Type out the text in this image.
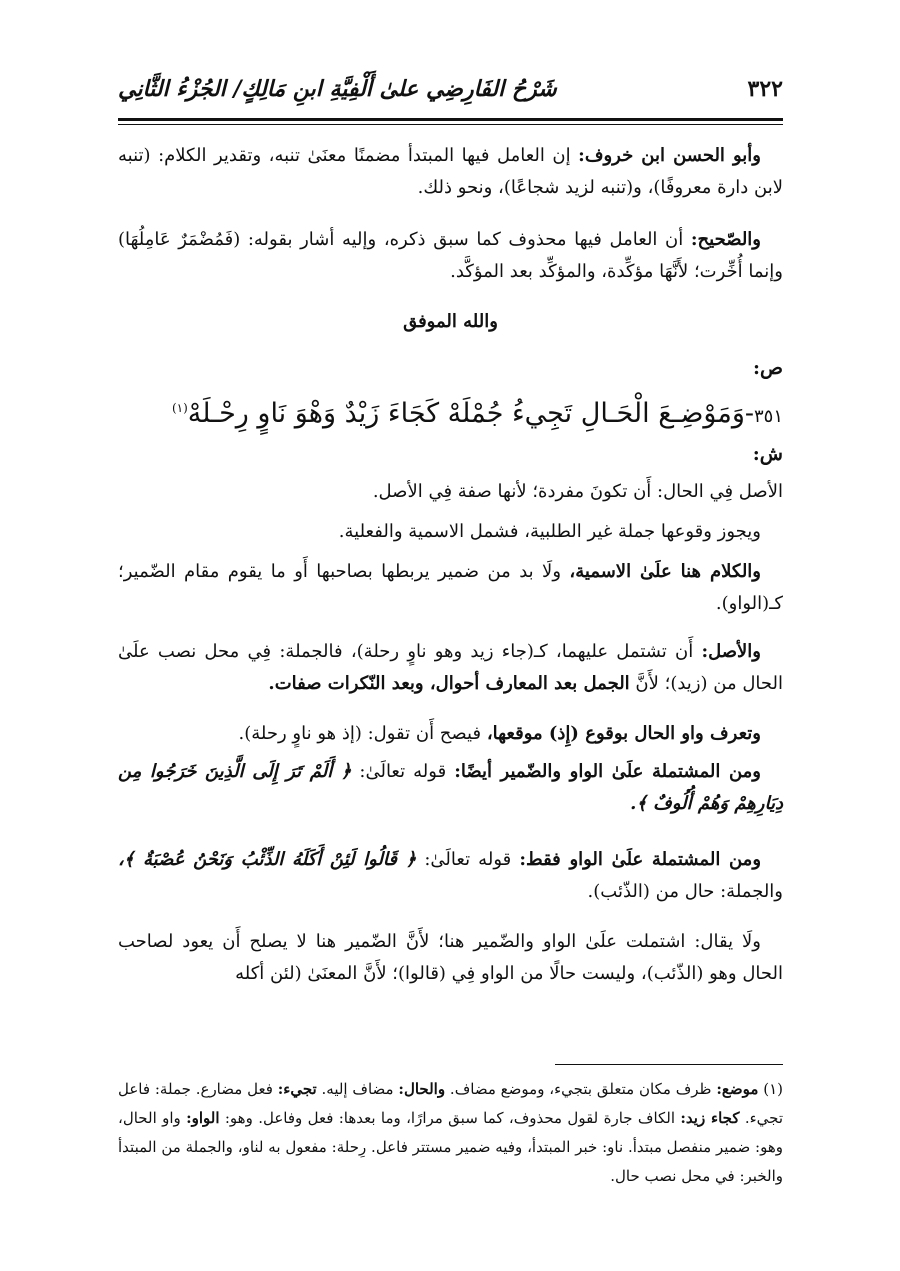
٣٢٢
شَرْحُ الفَارِضِي علىٰ أَلْفِيَّةِ ابنِ مَالِكٍ/ الجُزْءُ الثَّانِي

وأبو الحسن ابن خروف: إن العامل فيها المبتدأ مضمنًا معنَىٰ تنبه، وتقدير الكلام: (تنبه لابن دارة معروفًا)، و(تنبه لزيد شجاعًا)، ونحو ذلك.

والصّحيح: أن العامل فيها محذوف كما سبق ذكره، وإليه أشار بقوله: (فَمُضْمَرٌ عَامِلُهَا) وإنما أُخِّرت؛ لأَنَّهَا مؤكِّدة، والمؤكِّد بعد المؤكَّد.

والله الموفق

ص:

٣٥١-وَمَوْضِـعَ الْحَـالِ تَجِيءُ جُمْلَهْ كَجَاءَ زَيْدٌ وَهْوَ نَاوٍ رِحْـلَهْ$^{(١)}$

ش:

الأصل فِي الحال: أَن تكونَ مفردة؛ لأنها صفة فِي الأصل.

ويجوز وقوعها جملة غير الطلبية، فشمل الاسمية والفعلية.

والكلام هنا علَىٰ الاسمية، ولَا بد من ضمير يربطها بصاحبها أَو ما يقوم مقام الضّمير؛ كـ(الواو).

والأصل: أَن تشتمل عليهما، كـ(جاء زيد وهو ناوٍ رحلة)، فالجملة: فِي محل نصب علَىٰ الحال من (زيد)؛ لأَنَّ الجمل بعد المعارف أحوال، وبعد النّكرات صفات.

وتعرف واو الحال بوقوع (إِذ) موقعها، فيصح أَن تقول: (إذ هو ناوٍ رحلة).

ومن المشتملة علَىٰ الواو والضّمير أيضًا: قوله تعالَىٰ: ﴿ أَلَمْ تَرَ إِلَى الَّذِينَ خَرَجُوا مِن دِيَارِهِمْ وَهُمْ أُلُوفٌ ﴾.

ومن المشتملة علَىٰ الواو فقط: قوله تعالَىٰ: ﴿ قَالُوا لَئِنْ أَكَلَهُ الذِّئْبُ وَنَحْنُ عُصْبَةٌ ﴾، والجملة: حال من (الذّئب).

ولَا يقال: اشتملت علَىٰ الواو والضّمير هنا؛ لأَنَّ الضّمير هنا لا يصلح أَن يعود لصاحب الحال وهو (الذّئب)، وليست حالًا من الواو فِي (قالوا)؛ لأَنَّ المعنَىٰ (لئن أكله

(١) موضع: ظرف مكان متعلق بتجيء، وموضع مضاف. والحال: مضاف إليه. تجيء: فعل مضارع. جملة: فاعل تجيء. كجاء زيد: الكاف جارة لقول محذوف، كما سبق مرارًا، وما بعدها: فعل وفاعل. وهو: الواو: واو الحال، وهو: ضمير منفصل مبتدأ. ناو: خبر المبتدأ، وفيه ضمير مستتر فاعل. رِحلة: مفعول به لناو، والجملة من المبتدأ والخبر: في محل نصب حال.
